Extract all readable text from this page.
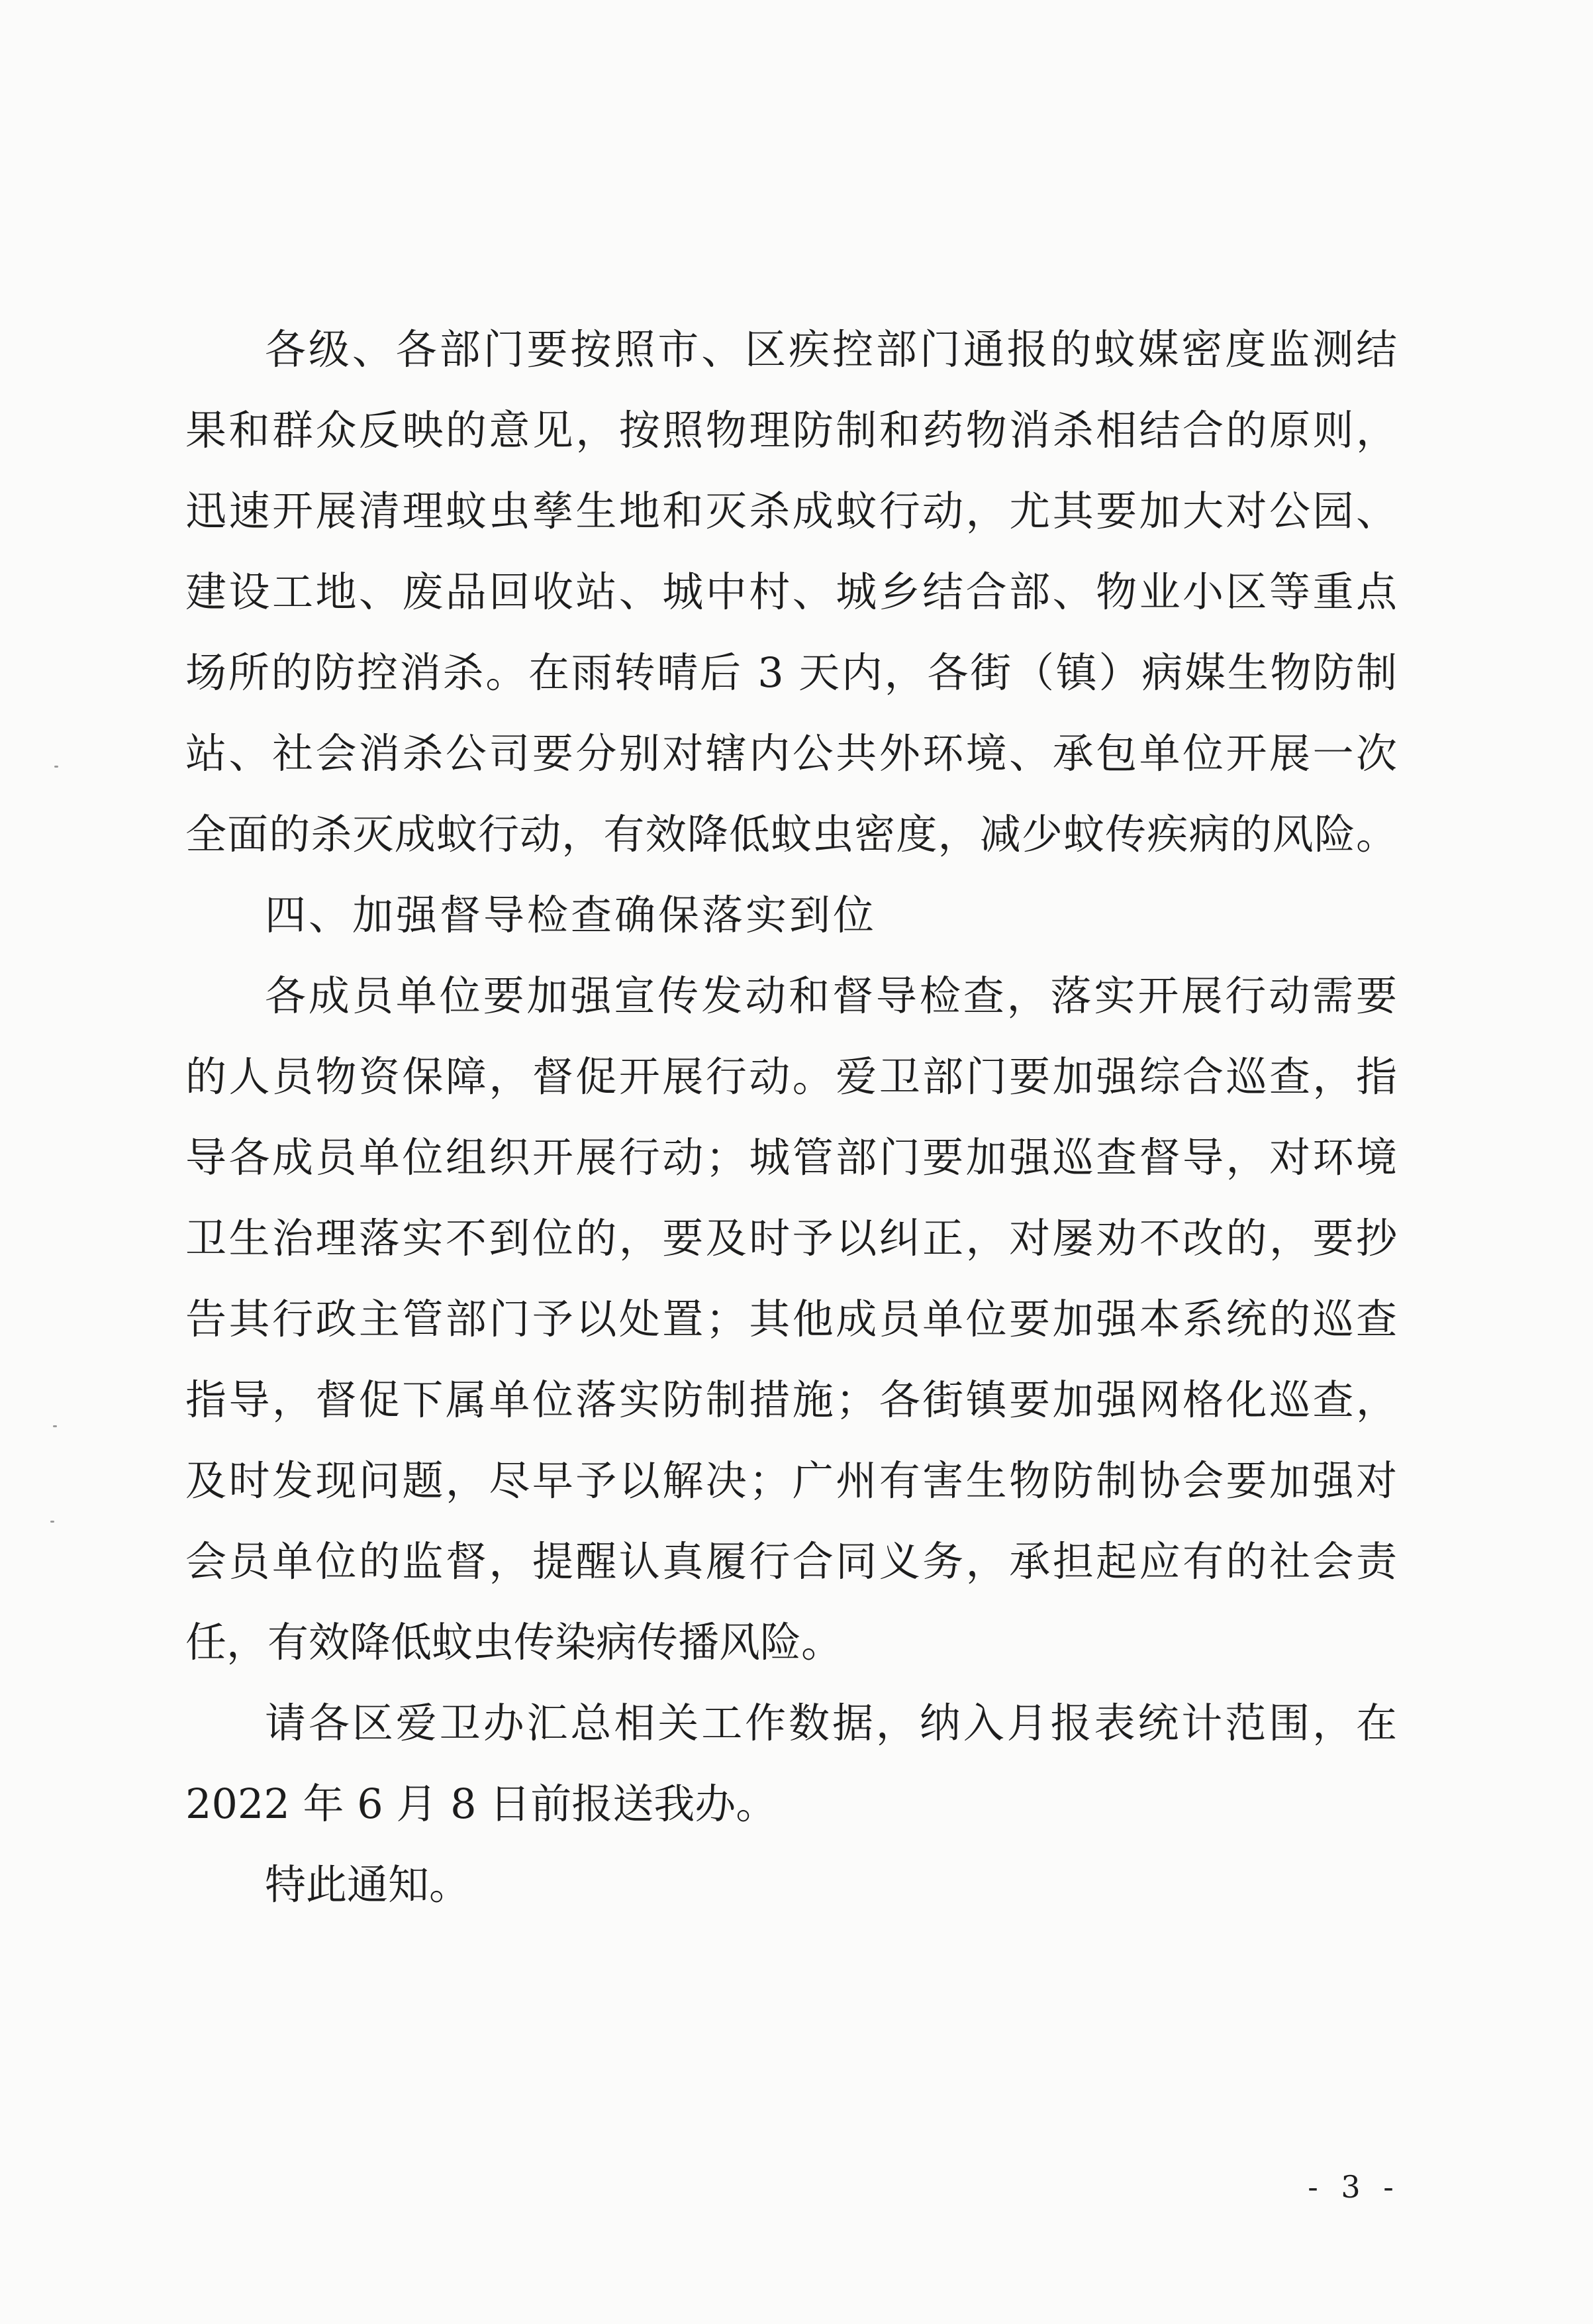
各级、各部门要按照市、区疾控部门通报的蚊媒密度监测结
果和群众反映的意见，按照物理防制和药物消杀相结合的原则，
迅速开展清理蚊虫孳生地和灭杀成蚊行动，尤其要加大对公园、
建设工地、废品回收站、城中村、城乡结合部、物业小区等重点
场所的防控消杀。在雨转晴后 3 天内，各街（镇）病媒生物防制
站、社会消杀公司要分别对辖内公共外环境、承包单位开展一次
全面的杀灭成蚊行动，有效降低蚊虫密度，减少蚊传疾病的风险。
四、加强督导检查确保落实到位
各成员单位要加强宣传发动和督导检查，落实开展行动需要
的人员物资保障，督促开展行动。爱卫部门要加强综合巡查，指
导各成员单位组织开展行动；城管部门要加强巡查督导，对环境
卫生治理落实不到位的，要及时予以纠正，对屡劝不改的，要抄
告其行政主管部门予以处置；其他成员单位要加强本系统的巡查
指导，督促下属单位落实防制措施；各街镇要加强网格化巡查，
及时发现问题，尽早予以解决；广州有害生物防制协会要加强对
会员单位的监督，提醒认真履行合同义务，承担起应有的社会责
任，有效降低蚊虫传染病传播风险。
请各区爱卫办汇总相关工作数据，纳入月报表统计范围，在
2022 年 6 月 8 日前报送我办。
特此通知。
- 3 -
